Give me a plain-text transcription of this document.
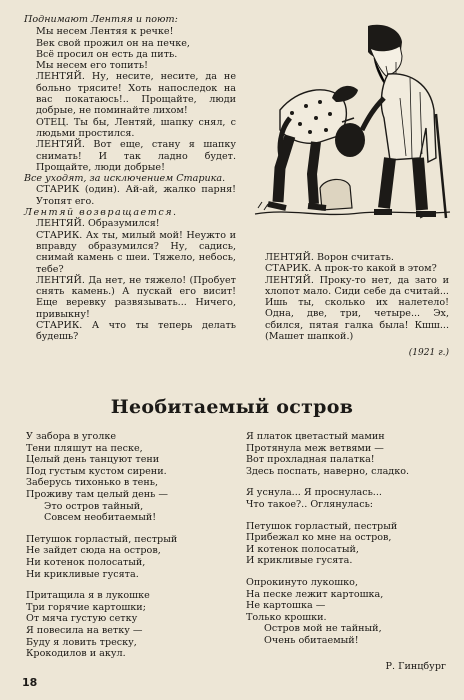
Поднимают Лентяя и поют:

Мы несем Лентяя к речке!

Век свой прожил он на печке,

Всё просил он есть да пить.

Мы несем его топить!

ЛЕНТЯЙ. Ну, несите, несите, да не больно трясите! Хоть напоследок на вас покатаюсь!.. Прощайте, люди добрые, не поминайте лихом!

ОТЕЦ. Ты бы, Лентяй, шапку снял, с людьми простился.

ЛЕНТЯЙ. Вот еще, стану я шапку снимать! И так ладно будет. Прощайте, люди добрые!

Все уходят, за исключением Старика.

СТАРИК (один). Ай-ай, жалко парня! Утопят его.

Лентяй возвращается.

ЛЕНТЯЙ. Образумился!

СТАРИК. Ах ты, милый мой! Неужто и вправду образумился? Ну, садись, снимай камень с шеи. Тяжело, небось, тебе?

ЛЕНТЯЙ. Да нет, не тяжело! (Пробует снять камень.) А пускай его висит! Еще веревку развязывать... Ничего, привыкну!

СТАРИК. А что ты теперь делать будешь?

ЛЕНТЯЙ. Ворон считать.

СТАРИК. А прок-то какой в этом?

ЛЕНТЯЙ. Проку-то нет, да зато и хлопот мало. Сиди себе да считай... Ишь ты, сколько их налетело! Одна, две, три, четыре... Эх, сбился, пятая галка была! Кшш... (Машет шапкой.)

(1921 г.)

Необитаемый остров

У забора в уголке

Тени пляшут на песке,

Целый день танцуют тени

Под густым кустом сирени.

Заберусь тихонько в тень,

Проживу там целый день —

Это остров тайный,

Совсем необитаемый!

Петушок горластый, пестрый

Не зайдет сюда на остров,

Ни котенок полосатый,

Ни крикливые гусята.

Притащила я в лукошке

Три горячие картошки;

От мяча густую сетку

Я повесила на ветку —

Буду я ловить треску,

Крокодилов и акул.

Я платок цветастый мамин

Протянула меж ветвями —

Вот прохладная палатка!

Здесь поспать, наверно, сладко.

Я уснула... Я проснулась...

Что такое?.. Оглянулась:

Петушок горластый, пестрый

Прибежал ко мне на остров,

И котенок полосатый,

И крикливые гусята.

Опрокинуто лукошко,

На песке лежит картошка,

Не картошка —

Только крошки.

Остров мой не тайный,

Очень обитаемый!

Р. Гинцбург

18
